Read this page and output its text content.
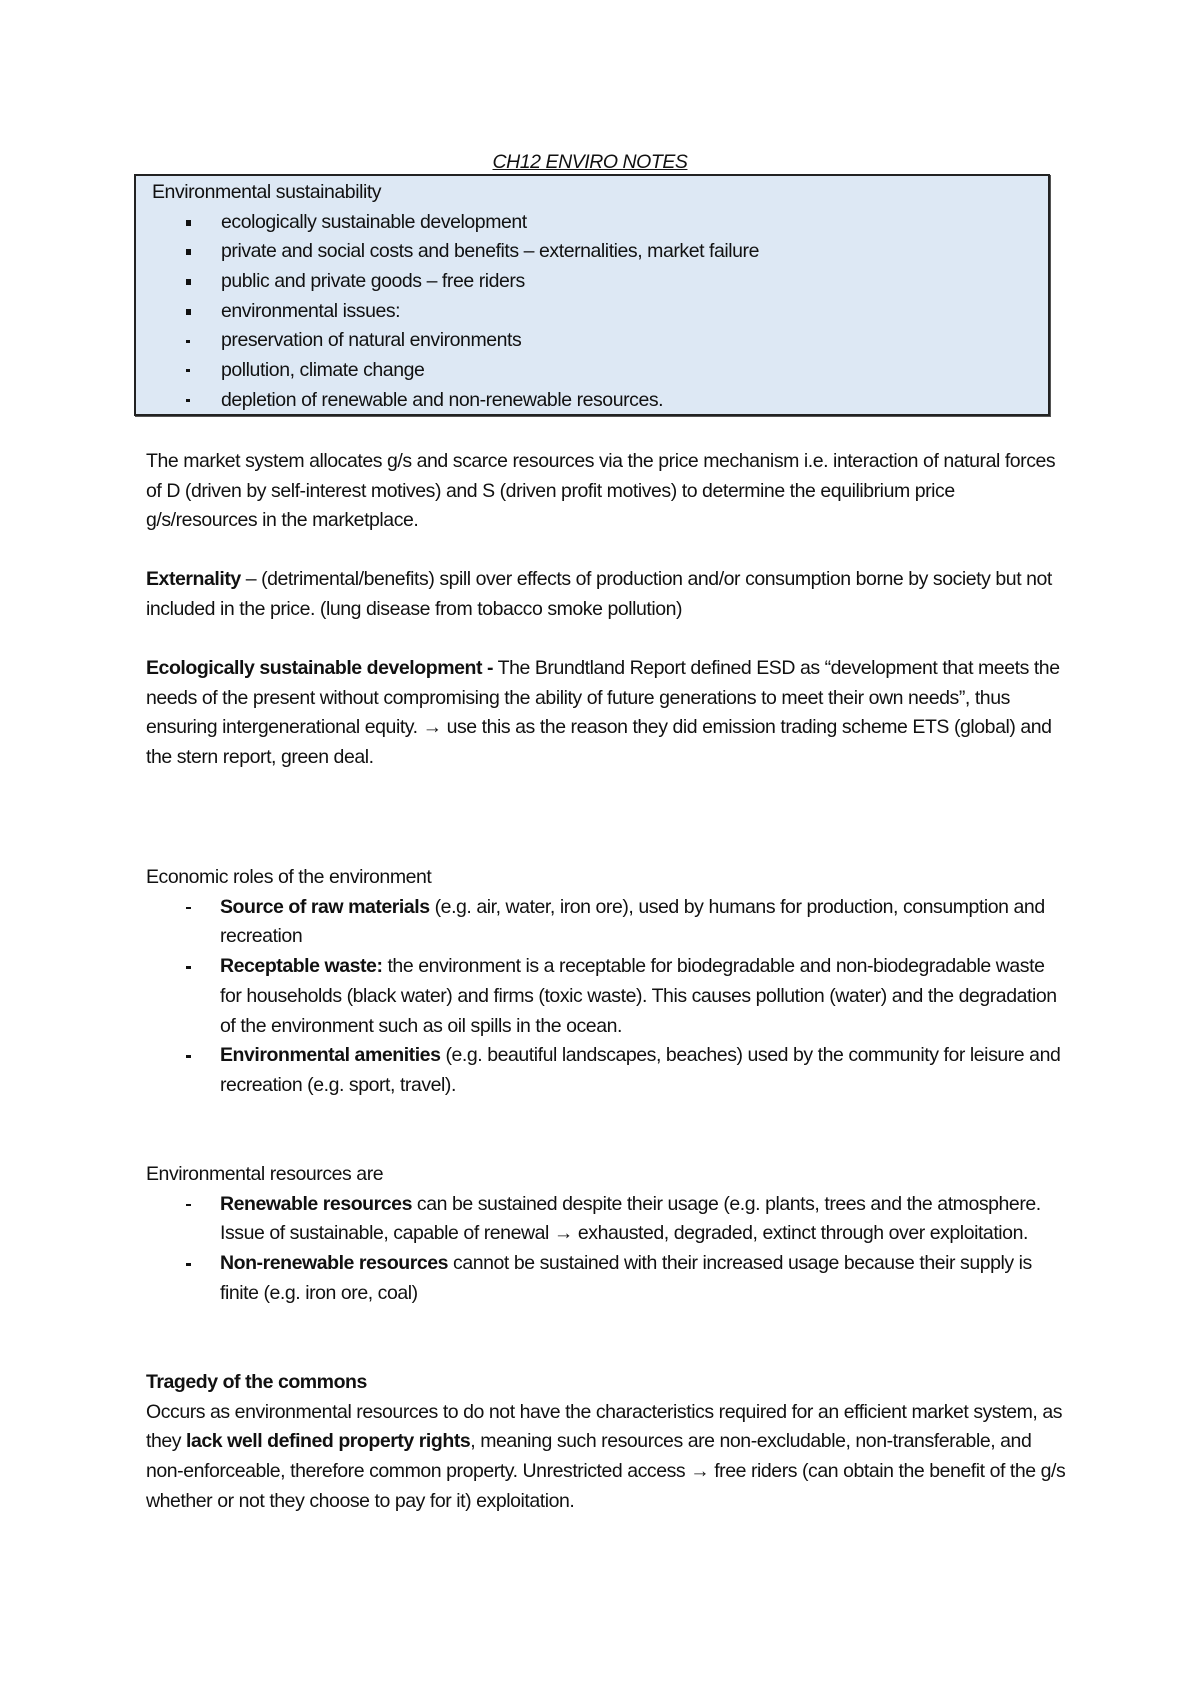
CH12 ENVIRO NOTES
Environmental sustainability
ecologically sustainable development
private and social costs and benefits – externalities, market failure
public and private goods – free riders
environmental issues:
preservation of natural environments
pollution, climate change
depletion of renewable and non-renewable resources.

The market system allocates g/s and scarce resources via the price mechanism i.e. interaction of natural forces of D (driven by self-interest motives) and S (driven profit motives) to determine the equilibrium price g/s/resources in the marketplace.

Externality – (detrimental/benefits) spill over effects of production and/or consumption borne by society but not included in the price. (lung disease from tobacco smoke pollution)

Ecologically sustainable development - The Brundtland Report defined ESD as “development that meets the needs of the present without compromising the ability of future generations to meet their own needs”, thus ensuring intergenerational equity. → use this as the reason they did emission trading scheme ETS (global) and the stern report, green deal.

Economic roles of the environment

Source of raw materials (e.g. air, water, iron ore), used by humans for production, consumption and recreation
Receptable waste: the environment is a receptable for biodegradable and non-biodegradable waste for households (black water) and firms (toxic waste). This causes pollution (water) and the degradation of the environment such as oil spills in the ocean.
Environmental amenities (e.g. beautiful landscapes, beaches) used by the community for leisure and recreation (e.g. sport, travel).

Environmental resources are

Renewable resources can be sustained despite their usage (e.g. plants, trees and the atmosphere. Issue of sustainable, capable of renewal → exhausted, degraded, extinct through over exploitation.
Non-renewable resources cannot be sustained with their increased usage because their supply is finite (e.g. iron ore, coal)

Tragedy of the commons

Occurs as environmental resources to do not have the characteristics required for an efficient market system, as they lack well defined property rights, meaning such resources are non-excludable, non-transferable, and non-enforceable, therefore common property. Unrestricted access → free riders (can obtain the benefit of the g/s whether or not they choose to pay for it) exploitation.
